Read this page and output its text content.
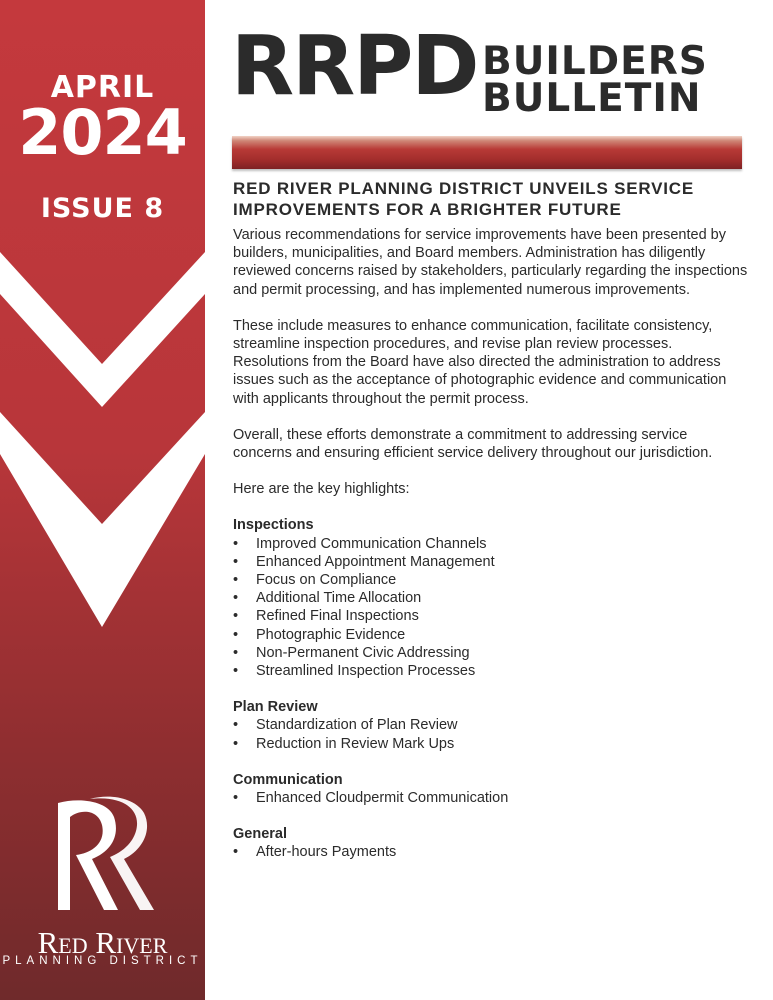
APRIL
2024
ISSUE 8
Red River
PLANNING DISTRICT
RRPD BUILDERS
BULLETIN
RED RIVER PLANNING DISTRICT UNVEILS SERVICE IMPROVEMENTS FOR A BRIGHTER FUTURE

Various recommendations for service improvements have been presented by builders, municipalities, and Board members. Administration has diligently reviewed concerns raised by stakeholders, particularly regarding the inspections and permit processing, and has implemented numerous improvements.

These include measures to enhance communication, facilitate consistency, streamline inspection procedures, and revise plan review processes. Resolutions from the Board have also directed the administration to address issues such as the acceptance of photographic evidence and communication with applicants throughout the permit process.

Overall, these efforts demonstrate a commitment to addressing service concerns and ensuring efficient service delivery throughout our jurisdiction.

Here are the key highlights:

Inspections
• Improved Communication Channels
• Enhanced Appointment Management
• Focus on Compliance
• Additional Time Allocation
• Refined Final Inspections
• Photographic Evidence
• Non-Permanent Civic Addressing
• Streamlined Inspection Processes
Plan Review
• Standardization of Plan Review
• Reduction in Review Mark Ups
Communication
• Enhanced Cloudpermit Communication
General
• After-hours Payments
